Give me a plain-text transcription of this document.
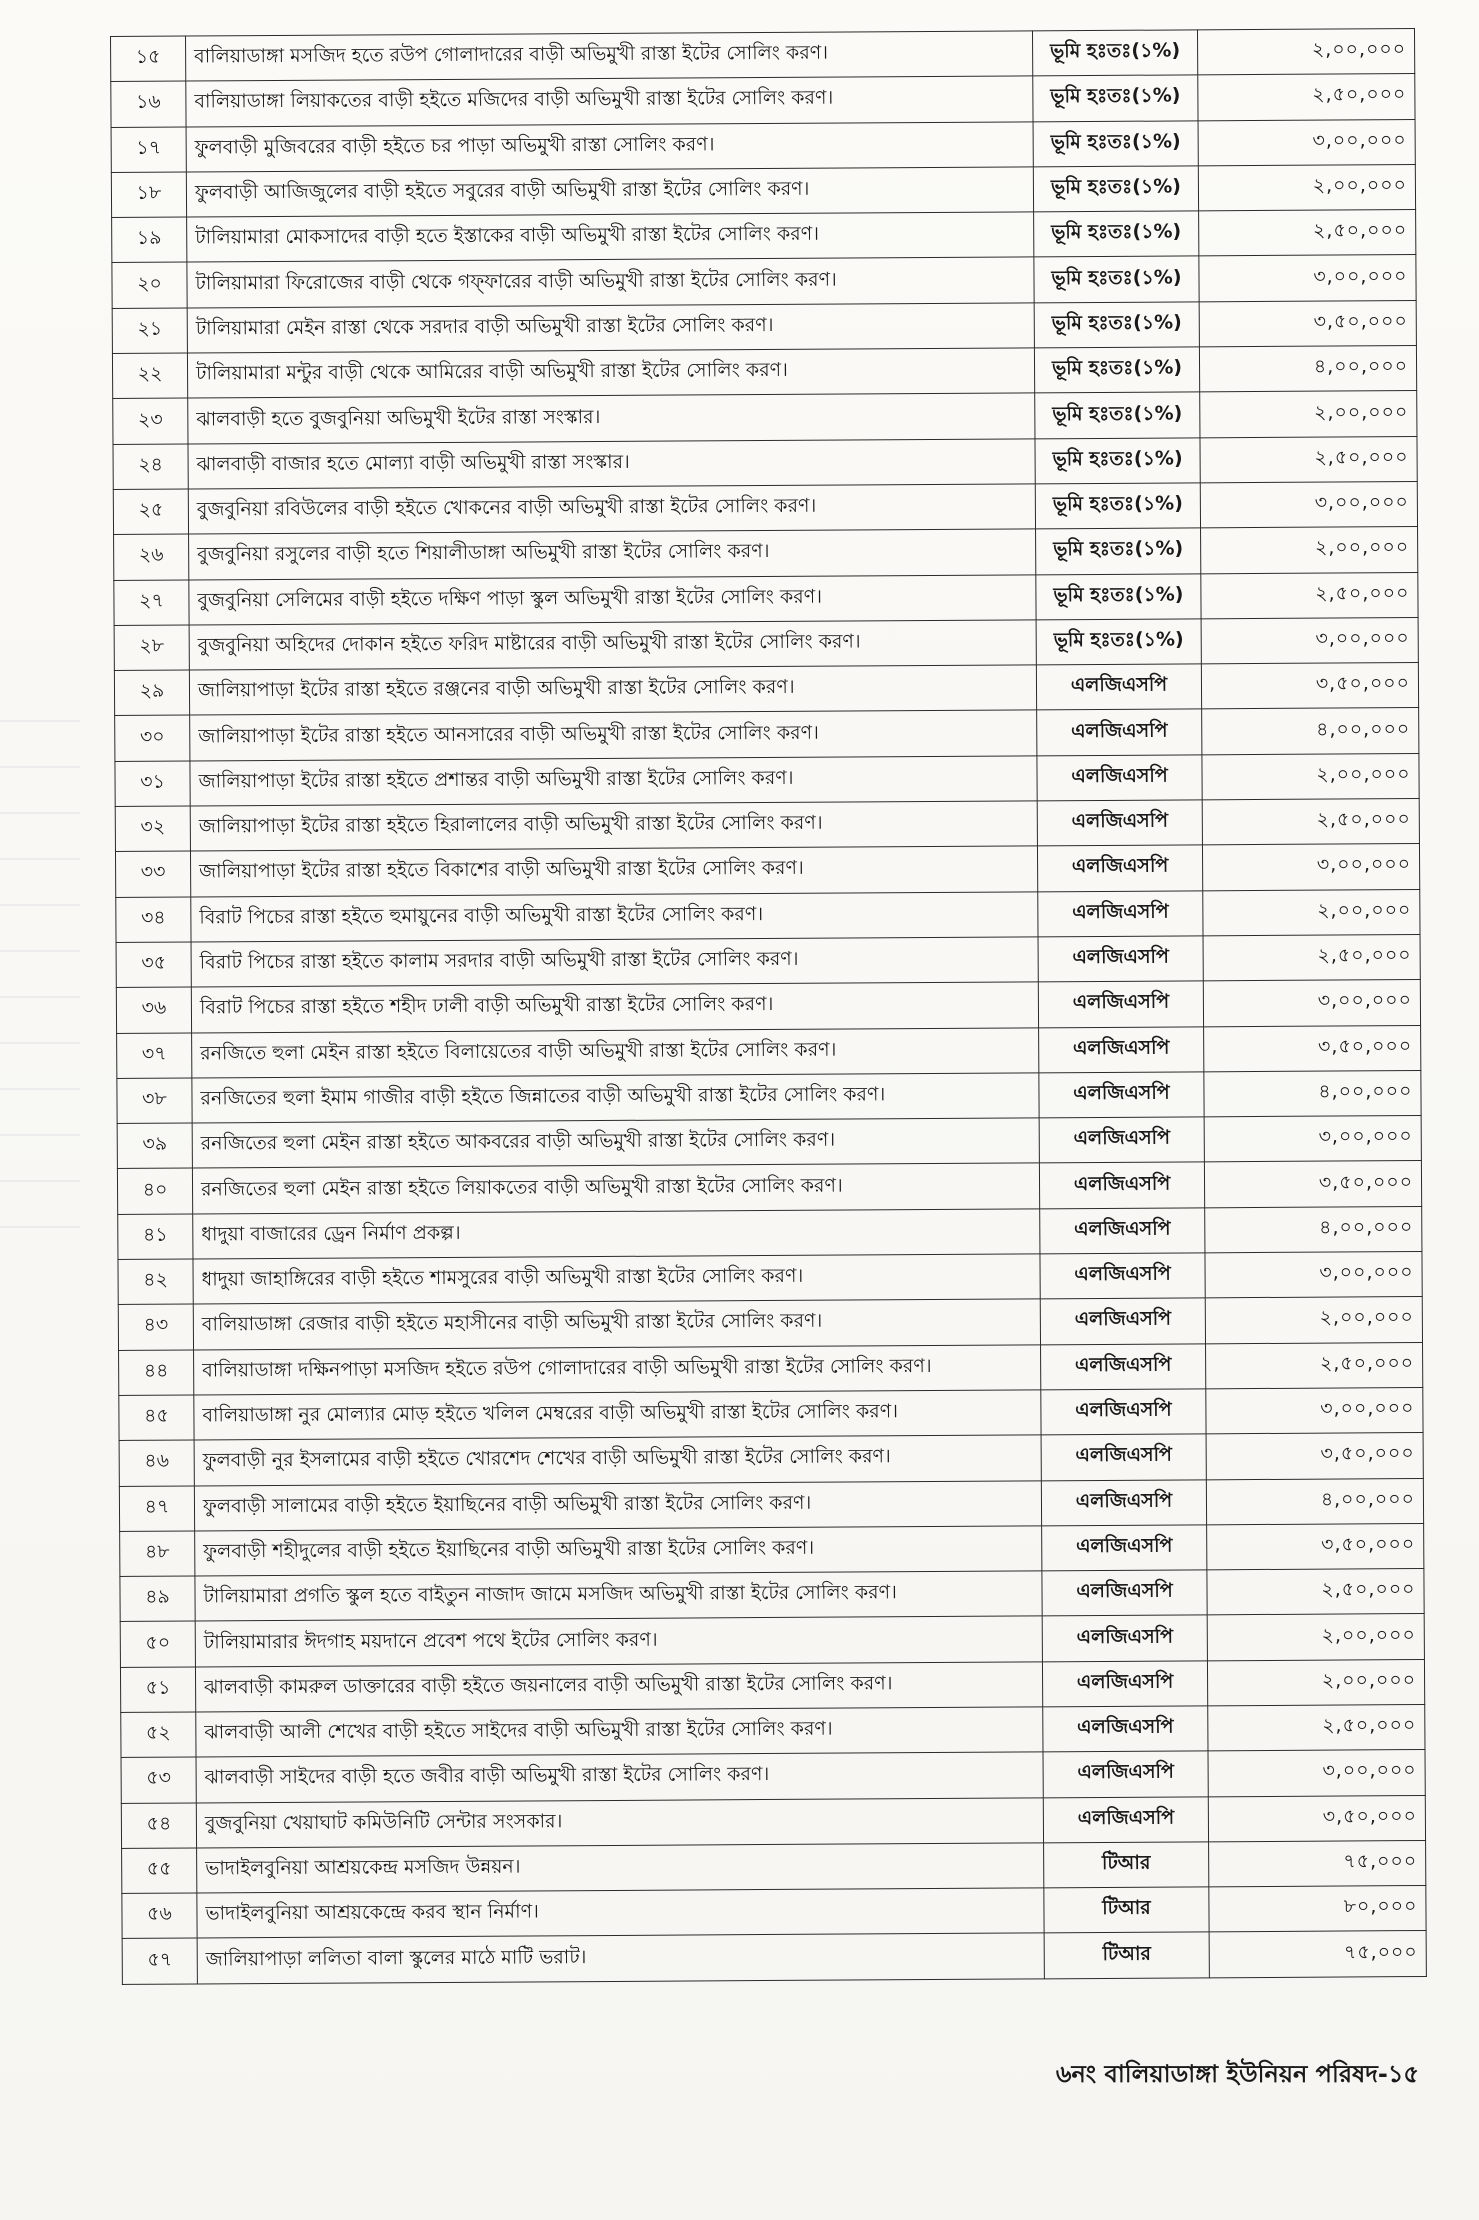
১৫	বালিয়াডাঙ্গা মসজিদ হতে রউপ গোলাদারের বাড়ী অভিমুখী রাস্তা ইটের সোলিং করণ।	ভূমি হঃতঃ(১%)	২,০০,০০০
১৬	বালিয়াডাঙ্গা লিয়াকতের বাড়ী হইতে মজিদের বাড়ী অভিমুখী রাস্তা ইটের সোলিং করণ।	ভূমি হঃতঃ(১%)	২,৫০,০০০
১৭	ফুলবাড়ী মুজিবরের বাড়ী হইতে চর পাড়া অভিমুখী রাস্তা সোলিং করণ।	ভূমি হঃতঃ(১%)	৩,০০,০০০
১৮	ফুলবাড়ী আজিজুলের বাড়ী হইতে সবুরের বাড়ী অভিমুখী রাস্তা ইটের সোলিং করণ।	ভূমি হঃতঃ(১%)	২,০০,০০০
১৯	টালিয়ামারা মোকসাদের বাড়ী হতে ইস্তাকের বাড়ী অভিমুখী রাস্তা ইটের সোলিং করণ।	ভূমি হঃতঃ(১%)	২,৫০,০০০
২০	টালিয়ামারা ফিরোজের বাড়ী থেকে গফ্‌ফারের বাড়ী অভিমুখী রাস্তা ইটের সোলিং করণ।	ভূমি হঃতঃ(১%)	৩,০০,০০০
২১	টালিয়ামারা মেইন রাস্তা থেকে সরদার বাড়ী অভিমুখী রাস্তা ইটের সোলিং করণ।	ভূমি হঃতঃ(১%)	৩,৫০,০০০
২২	টালিয়ামারা মন্টুর বাড়ী থেকে আমিরের বাড়ী অভিমুখী রাস্তা ইটের সোলিং করণ।	ভূমি হঃতঃ(১%)	৪,০০,০০০
২৩	ঝালবাড়ী হতে বুজবুনিয়া অভিমুখী ইটের রাস্তা সংস্কার।	ভূমি হঃতঃ(১%)	২,০০,০০০
২৪	ঝালবাড়ী বাজার হতে মোল্যা বাড়ী অভিমুখী রাস্তা সংস্কার।	ভূমি হঃতঃ(১%)	২,৫০,০০০
২৫	বুজবুনিয়া রবিউলের বাড়ী হইতে খোকনের বাড়ী অভিমুখী রাস্তা ইটের সোলিং করণ।	ভূমি হঃতঃ(১%)	৩,০০,০০০
২৬	বুজবুনিয়া রসুলের বাড়ী হতে শিয়ালীডাঙ্গা অভিমুখী রাস্তা ইটের সোলিং করণ।	ভূমি হঃতঃ(১%)	২,০০,০০০
২৭	বুজবুনিয়া সেলিমের বাড়ী হইতে দক্ষিণ পাড়া স্কুল অভিমুখী রাস্তা ইটের সোলিং করণ।	ভূমি হঃতঃ(১%)	২,৫০,০০০
২৮	বুজবুনিয়া অহিদের দোকান হইতে ফরিদ মাষ্টারের বাড়ী অভিমুখী রাস্তা ইটের সোলিং করণ।	ভূমি হঃতঃ(১%)	৩,০০,০০০
২৯	জালিয়াপাড়া ইটের রাস্তা হইতে রঞ্জনের বাড়ী অভিমুখী রাস্তা ইটের সোলিং করণ।	এলজিএসপি	৩,৫০,০০০
৩০	জালিয়াপাড়া ইটের রাস্তা হইতে আনসারের বাড়ী অভিমুখী রাস্তা ইটের সোলিং করণ।	এলজিএসপি	৪,০০,০০০
৩১	জালিয়াপাড়া ইটের রাস্তা হইতে প্রশান্তর বাড়ী অভিমুখী রাস্তা ইটের সোলিং করণ।	এলজিএসপি	২,০০,০০০
৩২	জালিয়াপাড়া ইটের রাস্তা হইতে হিরালালের বাড়ী অভিমুখী রাস্তা ইটের সোলিং করণ।	এলজিএসপি	২,৫০,০০০
৩৩	জালিয়াপাড়া ইটের রাস্তা হইতে বিকাশের বাড়ী অভিমুখী রাস্তা ইটের সোলিং করণ।	এলজিএসপি	৩,০০,০০০
৩৪	বিরাট পিচের রাস্তা হইতে হুমায়ুনের বাড়ী অভিমুখী রাস্তা ইটের সোলিং করণ।	এলজিএসপি	২,০০,০০০
৩৫	বিরাট পিচের রাস্তা হইতে কালাম সরদার বাড়ী অভিমুখী রাস্তা ইটের সোলিং করণ।	এলজিএসপি	২,৫০,০০০
৩৬	বিরাট পিচের রাস্তা হইতে শহীদ ঢালী বাড়ী অভিমুখী রাস্তা ইটের সোলিং করণ।	এলজিএসপি	৩,০০,০০০
৩৭	রনজিতে হুলা মেইন রাস্তা হইতে বিলায়েতের বাড়ী অভিমুখী রাস্তা ইটের সোলিং করণ।	এলজিএসপি	৩,৫০,০০০
৩৮	রনজিতের হুলা ইমাম গাজীর বাড়ী হইতে জিন্নাতের বাড়ী অভিমুখী রাস্তা ইটের সোলিং করণ।	এলজিএসপি	৪,০০,০০০
৩৯	রনজিতের হুলা মেইন রাস্তা হইতে আকবরের বাড়ী অভিমুখী রাস্তা ইটের সোলিং করণ।	এলজিএসপি	৩,০০,০০০
৪০	রনজিতের হুলা মেইন রাস্তা হইতে লিয়াকতের বাড়ী অভিমুখী রাস্তা ইটের সোলিং করণ।	এলজিএসপি	৩,৫০,০০০
৪১	ধাদুয়া বাজারের ড্রেন নির্মাণ প্রকল্প।	এলজিএসপি	৪,০০,০০০
৪২	ধাদুয়া জাহাঙ্গিরের বাড়ী হইতে শামসুরের বাড়ী অভিমুখী রাস্তা ইটের সোলিং করণ।	এলজিএসপি	৩,০০,০০০
৪৩	বালিয়াডাঙ্গা রেজার বাড়ী হইতে মহাসীনের বাড়ী অভিমুখী রাস্তা ইটের সোলিং করণ।	এলজিএসপি	২,০০,০০০
৪৪	বালিয়াডাঙ্গা দক্ষিনপাড়া মসজিদ হইতে রউপ গোলাদারের বাড়ী অভিমুখী রাস্তা ইটের সোলিং করণ।	এলজিএসপি	২,৫০,০০০
৪৫	বালিয়াডাঙ্গা নুর মোল্যার মোড় হইতে খলিল মেম্বরের বাড়ী অভিমুখী রাস্তা ইটের সোলিং করণ।	এলজিএসপি	৩,০০,০০০
৪৬	ফুলবাড়ী নুর ইসলামের বাড়ী হইতে খোরশেদ শেখের বাড়ী অভিমুখী রাস্তা ইটের সোলিং করণ।	এলজিএসপি	৩,৫০,০০০
৪৭	ফুলবাড়ী সালামের বাড়ী হইতে ইয়াছিনের বাড়ী অভিমুখী রাস্তা ইটের সোলিং করণ।	এলজিএসপি	৪,০০,০০০
৪৮	ফুলবাড়ী শহীদুলের বাড়ী হইতে ইয়াছিনের বাড়ী অভিমুখী রাস্তা ইটের সোলিং করণ।	এলজিএসপি	৩,৫০,০০০
৪৯	টালিয়ামারা প্রগতি স্কুল হতে বাইতুন নাজাদ জামে মসজিদ অভিমুখী রাস্তা ইটের সোলিং করণ।	এলজিএসপি	২,৫০,০০০
৫০	টালিয়ামারার ঈদগাহ ময়দানে প্রবেশ পথে ইটের সোলিং করণ।	এলজিএসপি	২,০০,০০০
৫১	ঝালবাড়ী কামরুল ডাক্তারের বাড়ী হইতে জয়নালের বাড়ী অভিমুখী রাস্তা ইটের সোলিং করণ।	এলজিএসপি	২,০০,০০০
৫২	ঝালবাড়ী আলী শেখের বাড়ী হইতে সাইদের বাড়ী অভিমুখী রাস্তা ইটের সোলিং করণ।	এলজিএসপি	২,৫০,০০০
৫৩	ঝালবাড়ী সাইদের বাড়ী হতে জবীর বাড়ী অভিমুখী রাস্তা ইটের সোলিং করণ।	এলজিএসপি	৩,০০,০০০
৫৪	বুজবুনিয়া খেয়াঘাট কমিউনিটি সেন্টার সংসকার।	এলজিএসপি	৩,৫০,০০০
৫৫	ভাদাইলবুনিয়া আশ্রয়কেন্দ্র মসজিদ উন্নয়ন।	টিআর	৭৫,০০০
৫৬	ভাদাইলবুনিয়া আশ্রয়কেন্দ্রে করব স্থান নির্মাণ।	টিআর	৮০,০০০
৫৭	জালিয়াপাড়া ললিতা বালা স্কুলের মাঠে মাটি ভরাট।	টিআর	৭৫,০০০
৬নং বালিয়াডাঙ্গা ইউনিয়ন পরিষদ-১৫
